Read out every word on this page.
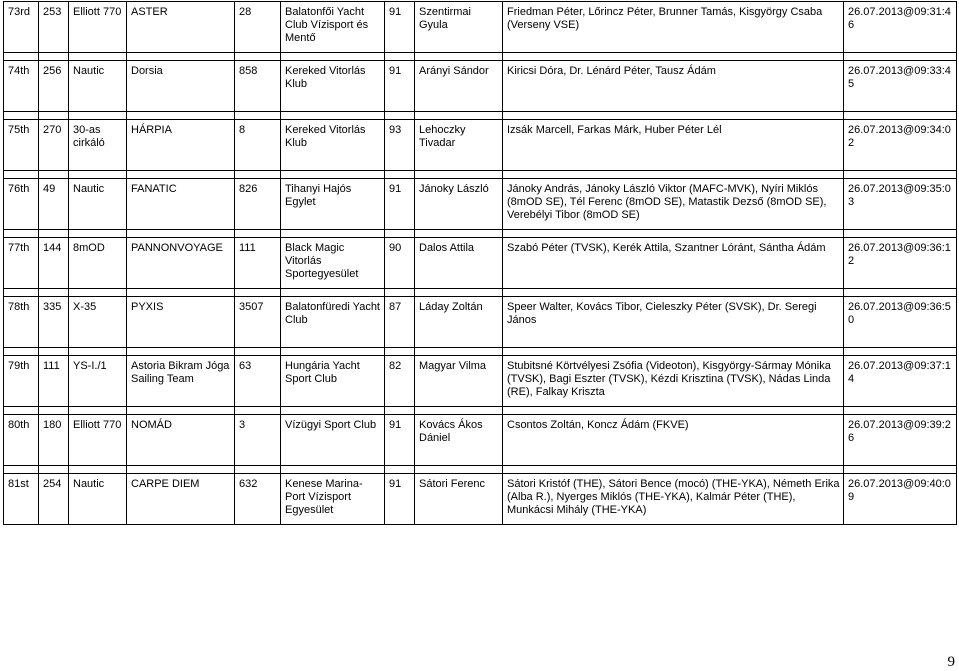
73rd	253	Elliott 770	ASTER	28	Balatonfői Yacht Club Vízisport és Mentő	91	Szentirmai Gyula	Friedman Péter, Lőrincz Péter, Brunner Tamás, Kisgyörgy Csaba (Verseny VSE)	26.07.2013@09:31:46

74th	256	Nautic	Dorsia	858	Kereked Vitorlás Klub	91	Arányi Sándor	Kiricsi Dóra, Dr. Lénárd Péter, Tausz Ádám	26.07.2013@09:33:45

75th	270	30-as cirkáló	HÁRPIA	8	Kereked Vitorlás Klub	93	Lehoczky Tivadar	Izsák Marcell, Farkas Márk, Huber Péter Lél	26.07.2013@09:34:02

76th	49	Nautic	FANATIC	826	Tihanyi Hajós Egylet	91	Jánoky László	Jánoky András, Jánoky László Viktor (MAFC-MVK), Nyíri Miklós (8mOD SE), Tél Ferenc (8mOD SE), Matastik Dezső (8mOD SE), Verebélyi Tibor (8mOD SE)	26.07.2013@09:35:03

77th	144	8mOD	PANNONVOYAGE	111	Black Magic Vitorlás Sportegyesület	90	Dalos Attila	Szabó Péter (TVSK), Kerék Attila, Szantner Lóránt, Sántha Ádám	26.07.2013@09:36:12

78th	335	X-35	PYXIS	3507	Balatonfüredi Yacht Club	87	Láday Zoltán	Speer Walter, Kovács Tibor, Cieleszky Péter (SVSK), Dr. Seregi János	26.07.2013@09:36:50

79th	111	YS-I./1	Astoria Bikram Jóga Sailing Team	63	Hungária Yacht Sport Club	82	Magyar Vilma	Stubitsné Körtvélyesi Zsófia (Videoton), Kisgyörgy-Sármay Mónika (TVSK), Bagi Eszter (TVSK), Kézdi Krisztina (TVSK), Nádas Linda (RE), Falkay Kriszta	26.07.2013@09:37:14

80th	180	Elliott 770	NOMÁD	3	Vízügyi Sport Club	91	Kovács Ákos Dániel	Csontos Zoltán, Koncz Ádám (FKVE)	26.07.2013@09:39:26

81st	254	Nautic	CARPE DIEM	632	Kenese Marina-Port Vízisport Egyesület	91	Sátori Ferenc	Sátori Kristóf (THE), Sátori Bence (mocó) (THE-YKA), Németh Erika (Alba R.), Nyerges Miklós (THE-YKA), Kalmár Péter (THE), Munkácsi Mihály (THE-YKA)	26.07.2013@09:40:09
9
